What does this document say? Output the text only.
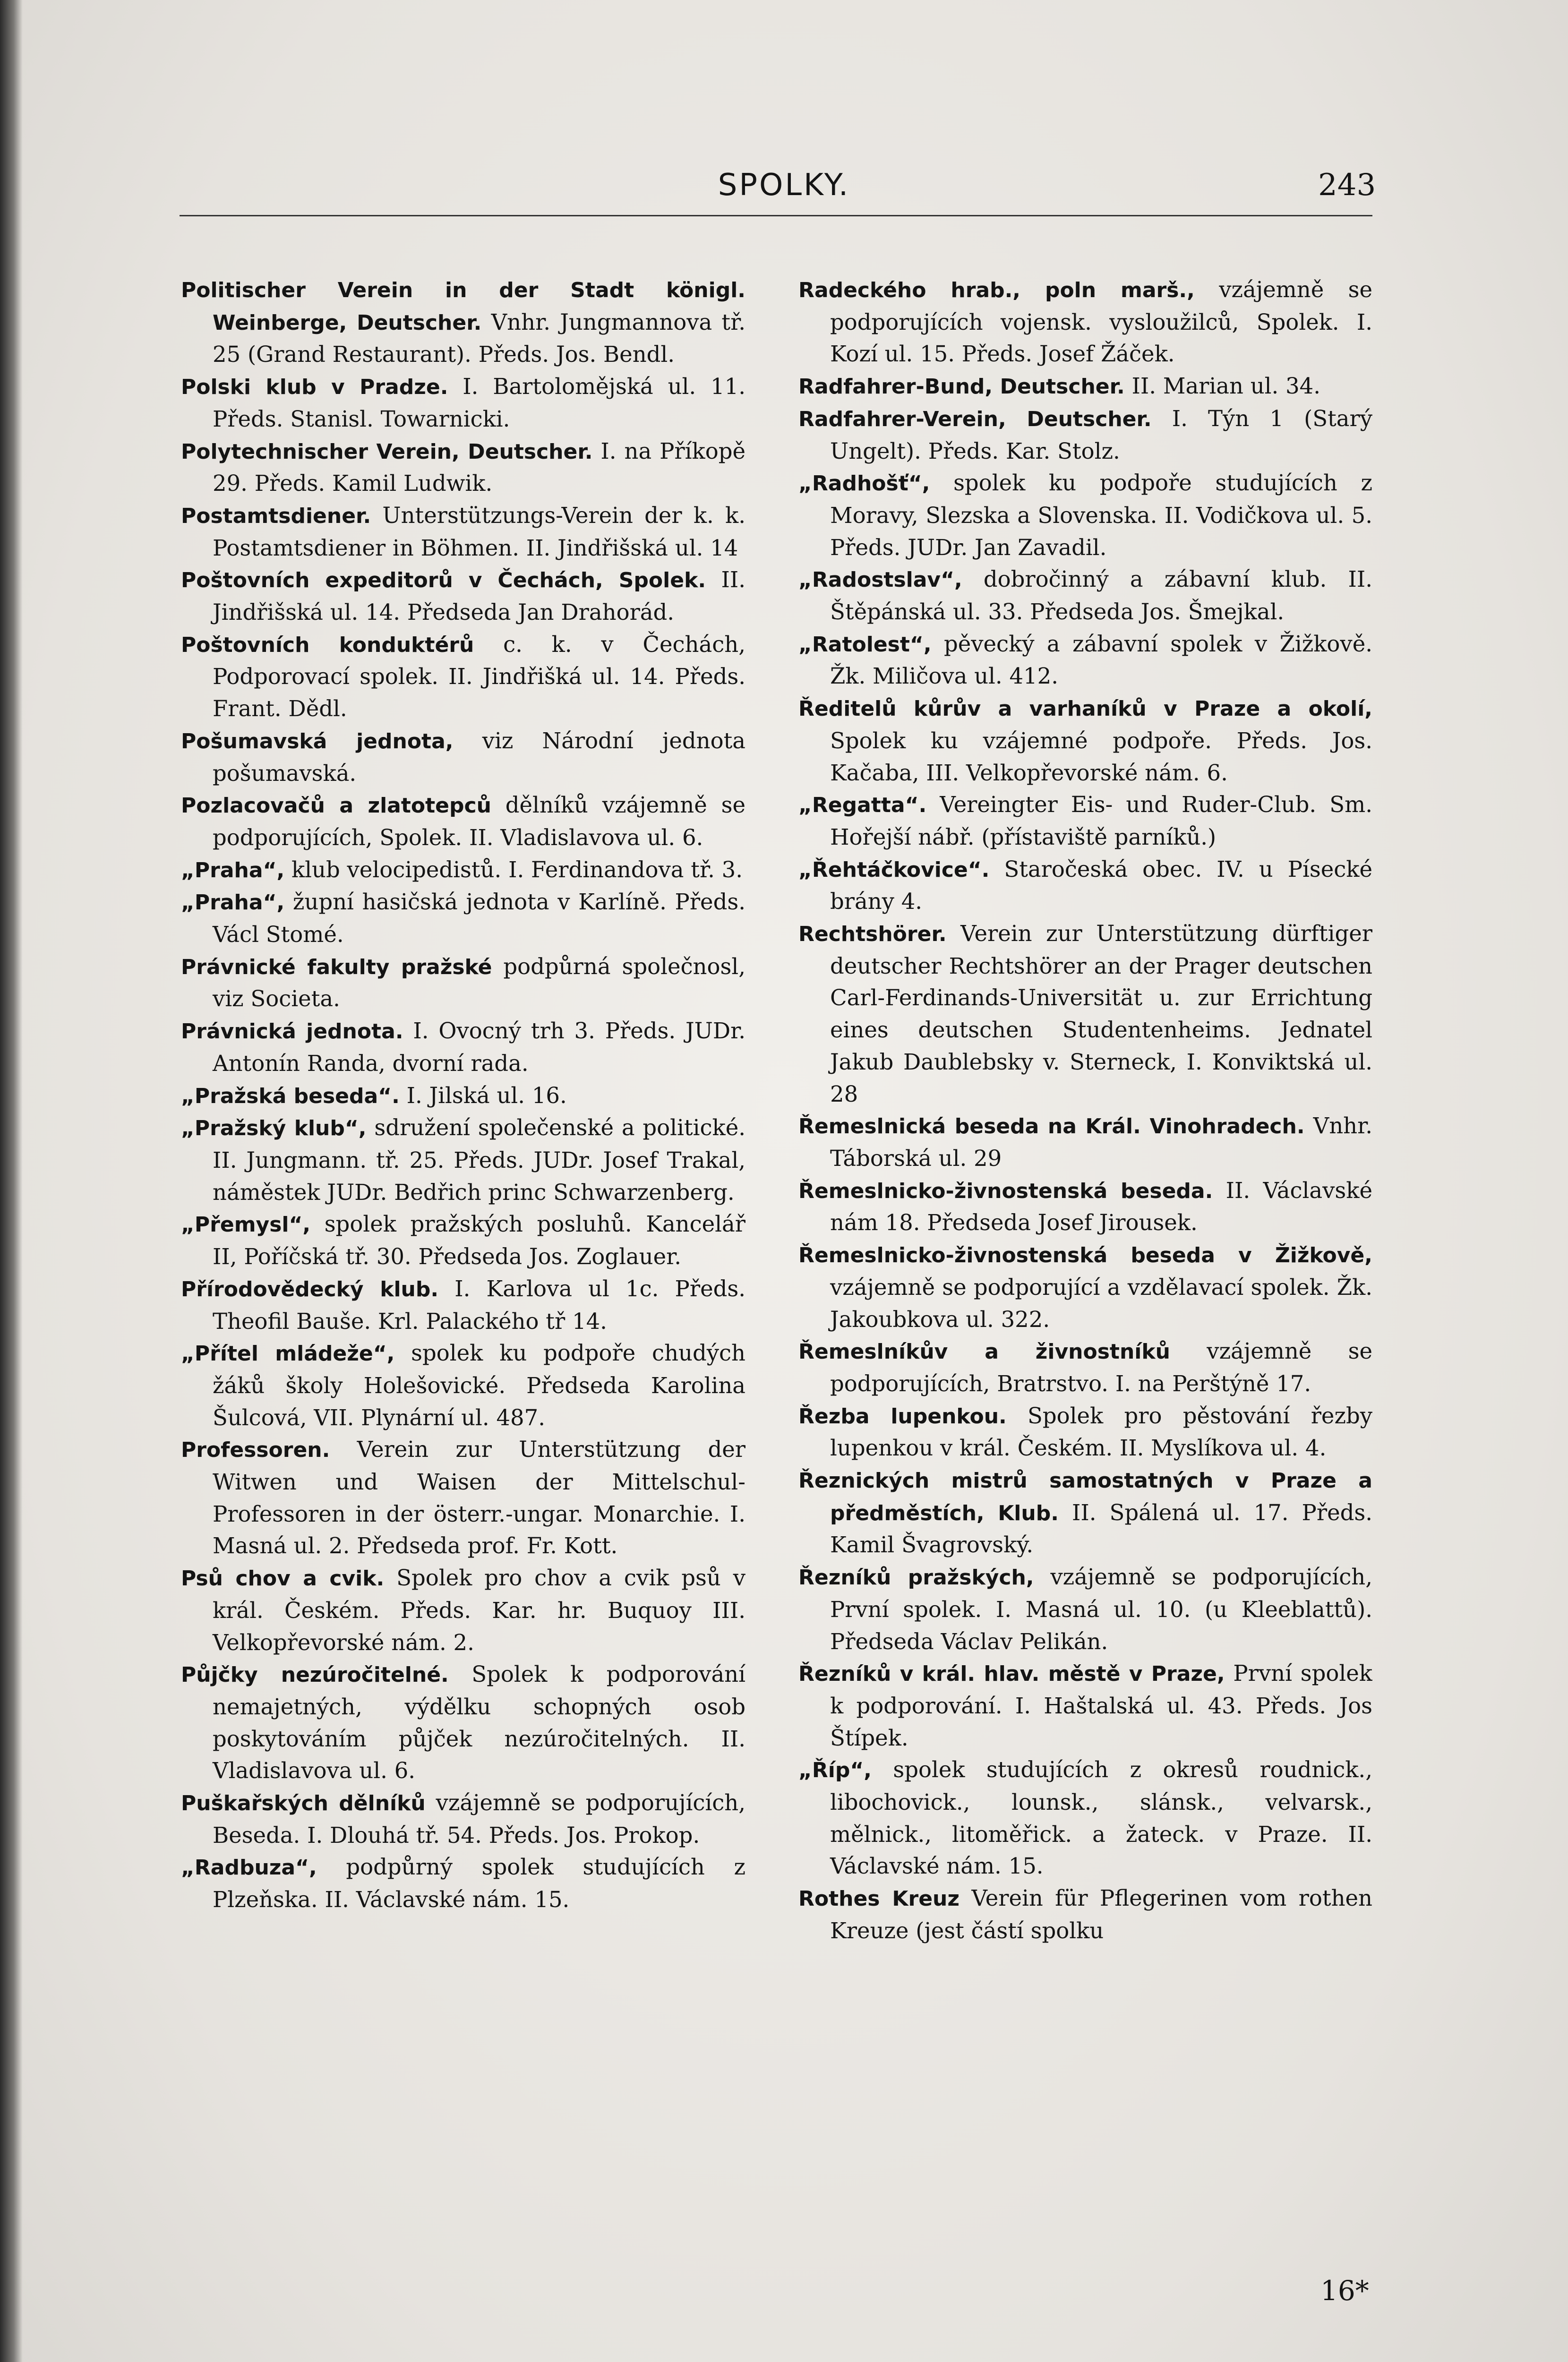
SPOLKY.	243

Politischer Verein in der Stadt königl. Weinberge, Deutscher. Vnhr. Jungmannova tř. 25 (Grand Restaurant). Předs. Jos. Bendl.

Polski klub v Pradze. I. Bartolomějská ul. 11. Předs. Stanisl. Towarnicki.

Polytechnischer Verein, Deutscher. I. na Příkopě 29. Předs. Kamil Ludwik.

Postamtsdiener. Unterstützungs-Verein der k. k. Postamtsdiener in Böhmen. II. Jindřišská ul. 14

Poštovních expeditorů v Čechách, Spolek. II. Jindřišská ul. 14. Předseda Jan Drahorád.

Poštovních konduktérů c. k. v Čechách, Podporovací spolek. II. Jindřišká ul. 14. Předs. Frant. Dědl.

Pošumavská jednota, viz Národní jednota pošumavská.

Pozlacovačů a zlatotepců dělníků vzájemně se podporujících, Spolek. II. Vladislavova ul. 6.

„Praha“, klub velocipedistů. I. Ferdinandova tř. 3.

„Praha“, župní hasičská jednota v Karlíně. Předs. Václ Stomé.

Právnické fakulty pražské podpůrná společnosl, viz Societa.

Právnická jednota. I. Ovocný trh 3. Předs. JUDr. Antonín Randa, dvorní rada.

„Pražská beseda“. I. Jilská ul. 16.

„Pražský klub“, sdružení společenské a politické. II. Jungmann. tř. 25. Předs. JUDr. Josef Trakal, náměstek JUDr. Bedřich princ Schwarzenberg.

„Přemysl“, spolek pražských posluhů. Kancelář II, Poříčská tř. 30. Předseda Jos. Zoglauer.

Přírodovědecký klub. I. Karlova ul 1c. Předs. Theofil Bauše. Krl. Palackého tř 14.

„Přítel mládeže“, spolek ku podpoře chudých žáků školy Holešovické. Předseda Karolina Šulcová, VII. Plynární ul. 487.

Professoren. Verein zur Unterstützung der Witwen und Waisen der Mittelschul-Professoren in der österr.-ungar. Monarchie. I. Masná ul. 2. Předseda prof. Fr. Kott.

Psů chov a cvik. Spolek pro chov a cvik psů v král. Českém. Předs. Kar. hr. Buquoy III. Velkopřevorské nám. 2.

Půjčky nezúročitelné. Spolek k podporování nemajetných, výdělku schopných osob poskytováním půjček nezúročitelných. II. Vladislavova ul. 6.

Puškařských dělníků vzájemně se podporujících, Beseda. I. Dlouhá tř. 54. Předs. Jos. Prokop.

„Radbuza“, podpůrný spolek studujících z Plzeňska. II. Václavské nám. 15.

Radeckého hrab., poln marš., vzájemně se podporujících vojensk. vysloužilců, Spolek. I. Kozí ul. 15. Předs. Josef Žáček.

Radfahrer-Bund, Deutscher. II. Marian ul. 34.

Radfahrer-Verein, Deutscher. I. Týn 1 (Starý Ungelt). Předs. Kar. Stolz.

„Radhošť“, spolek ku podpoře studujících z Moravy, Slezska a Slovenska. II. Vodičkova ul. 5. Předs. JUDr. Jan Zavadil.

„Radostslav“, dobročinný a zábavní klub. II. Štěpánská ul. 33. Předseda Jos. Šmejkal.

„Ratolest“, pěvecký a zábavní spolek v Žižkově. Žk. Miličova ul. 412.

Ředitelů kůrův a varhaníků v Praze a okolí, Spolek ku vzájemné podpoře. Předs. Jos. Kačaba, III. Velkopřevorské nám. 6.

„Regatta“. Vereingter Eis- und Ruder-Club. Sm. Hořejší nábř. (přístaviště parníků.)

„Řehtáčkovice“. Staročeská obec. IV. u Písecké brány 4.

Rechtshörer. Verein zur Unterstützung dürftiger deutscher Rechtshörer an der Prager deutschen Carl-Ferdinands-Universität u. zur Errichtung eines deutschen Studentenheims. Jednatel Jakub Daublebsky v. Sterneck, I. Konviktská ul. 28

Řemeslnická beseda na Král. Vinohradech. Vnhr. Táborská ul. 29

Řemeslnicko-živnostenská beseda. II. Václavské nám 18. Předseda Josef Jirousek.

Řemeslnicko-živnostenská beseda v Žižkově, vzájemně se podporující a vzdělavací spolek. Žk. Jakoubkova ul. 322.

Řemeslníkův a živnostníků vzájemně se podporujících, Bratrstvo. I. na Perštýně 17.

Řezba lupenkou. Spolek pro pěstování řezby lupenkou v král. Českém. II. Myslíkova ul. 4.

Řeznických mistrů samostatných v Praze a předměstích, Klub. II. Spálená ul. 17. Předs. Kamil Švagrovský.

Řezníků pražských, vzájemně se podporujících, První spolek. I. Masná ul. 10. (u Kleeblattů). Předseda Václav Pelikán.

Řezníků v král. hlav. městě v Praze, První spolek k podporování. I. Haštalská ul. 43. Předs. Jos Štípek.

„Říp“, spolek studujících z okresů roudnick., libochovick., lounsk., slánsk., velvarsk., mělnick., litoměřick. a žateck. v Praze. II. Václavské nám. 15.

Rothes Kreuz Verein für Pflegerinen vom rothen Kreuze (jest částí spolku

16*
